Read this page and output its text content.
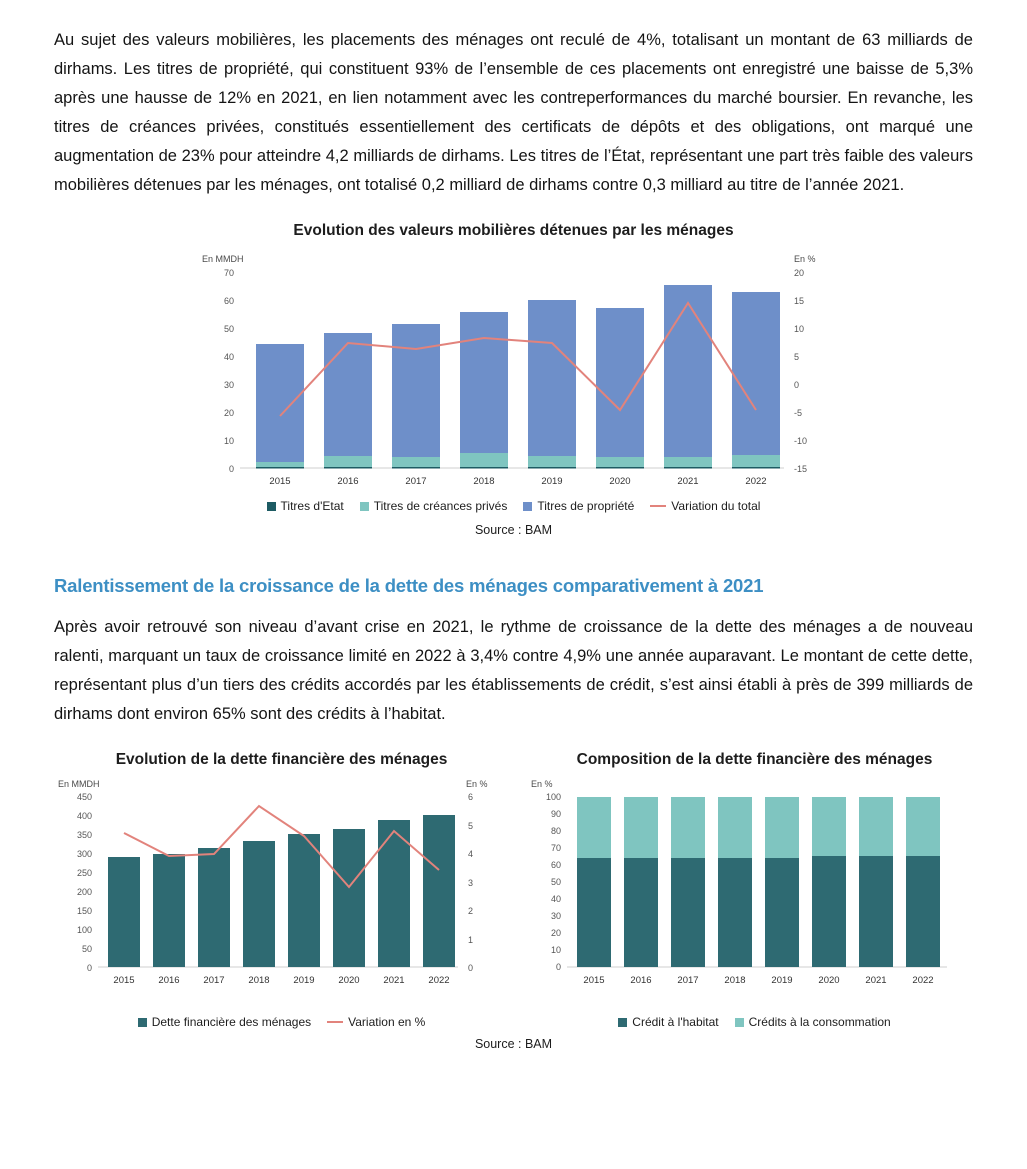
Au sujet des valeurs mobilières, les placements des ménages ont reculé de 4%, totalisant un montant de 63 milliards de dirhams. Les titres de propriété, qui constituent 93% de l’ensemble de ces placements ont enregistré une baisse de 5,3% après une hausse de 12% en 2021, en lien notamment avec les contreperformances du marché boursier. En revanche, les titres de créances privées, constitués essentiellement des certificats de dépôts et des obligations, ont marqué une augmentation de 23% pour atteindre 4,2 milliards de dirhams. Les titres de l’État, représentant une part très faible des valeurs mobilières détenues par les ménages, ont totalisé 0,2 milliard de dirhams contre 0,3 milliard au titre de l’année 2021.

Evolution des valeurs mobilières détenues par les ménages
En MMDH	En %
70
60
50
40
30
20
10
0
20
15
10
5
0
-5
-10
-15
2015	2016	2017	2018	2019	2020	2021	2022
Titres d'Etat	Titres de créances privés	Titres de propriété	Variation du total
Source : BAM
Ralentissement de la croissance de la dette des ménages comparativement à 2021

Après avoir retrouvé son niveau d’avant crise en 2021, le rythme de croissance de la dette des ménages a de nouveau ralenti, marquant un taux de croissance limité en 2022 à 3,4% contre 4,9% une année auparavant. Le montant de cette dette, représentant plus d’un tiers des crédits accordés par les établissements de crédit, s’est ainsi établi à près de 399 milliards de dirhams dont environ 65% sont des crédits à l’habitat.

Evolution de la dette financière des ménages
En MMDH	En %
450
400
350
300
250
200
150
100
50
0
6
5
4
3
2
1
0
2015	2016	2017	2018	2019	2020	2021	2022
Dette financière des ménages	Variation en %
Composition de la dette financière des ménages
En %
100
90
80
70
60
50
40
30
20
10
0
2015	2016	2017	2018	2019	2020	2021	2022
Crédit à l'habitat	Crédits à la consommation
Source : BAM
